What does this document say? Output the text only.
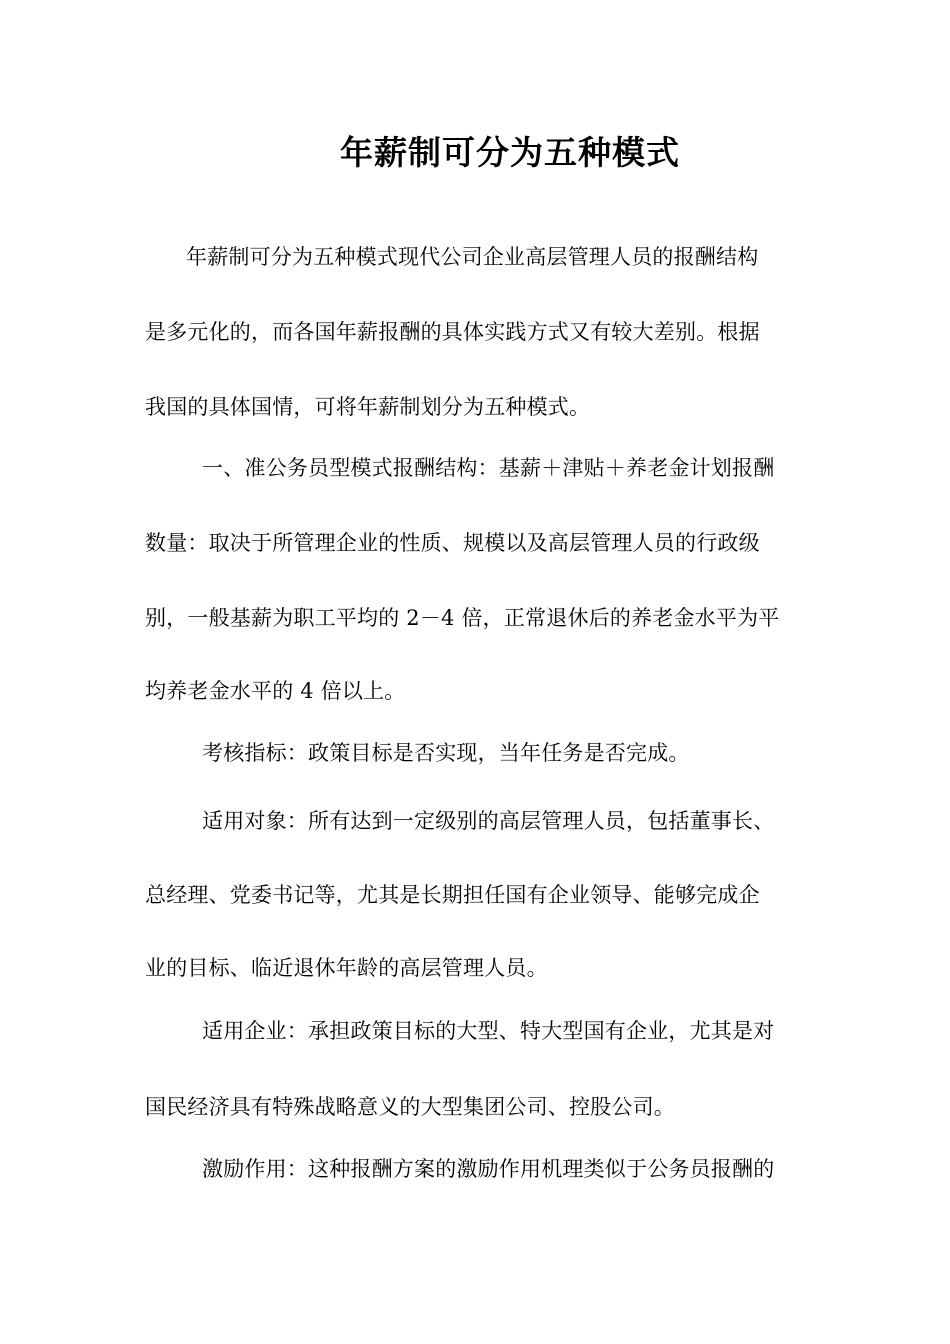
年薪制可分为五种模式

年薪制可分为五种模式现代公司企业高层管理人员的报酬结构

是多元化的，而各国年薪报酬的具体实践方式又有较大差别。根据

我国的具体国情，可将年薪制划分为五种模式。

一、准公务员型模式报酬结构：基薪＋津贴＋养老金计划报酬

数量：取决于所管理企业的性质、规模以及高层管理人员的行政级

别，一般基薪为职工平均的 2－4 倍，正常退休后的养老金水平为平

均养老金水平的 4 倍以上。

考核指标：政策目标是否实现，当年任务是否完成。

适用对象：所有达到一定级别的高层管理人员，包括董事长、

总经理、党委书记等，尤其是长期担任国有企业领导、能够完成企

业的目标、临近退休年龄的高层管理人员。

适用企业：承担政策目标的大型、特大型国有企业，尤其是对

国民经济具有特殊战略意义的大型集团公司、控股公司。

激励作用：这种报酬方案的激励作用机理类似于公务员报酬的
